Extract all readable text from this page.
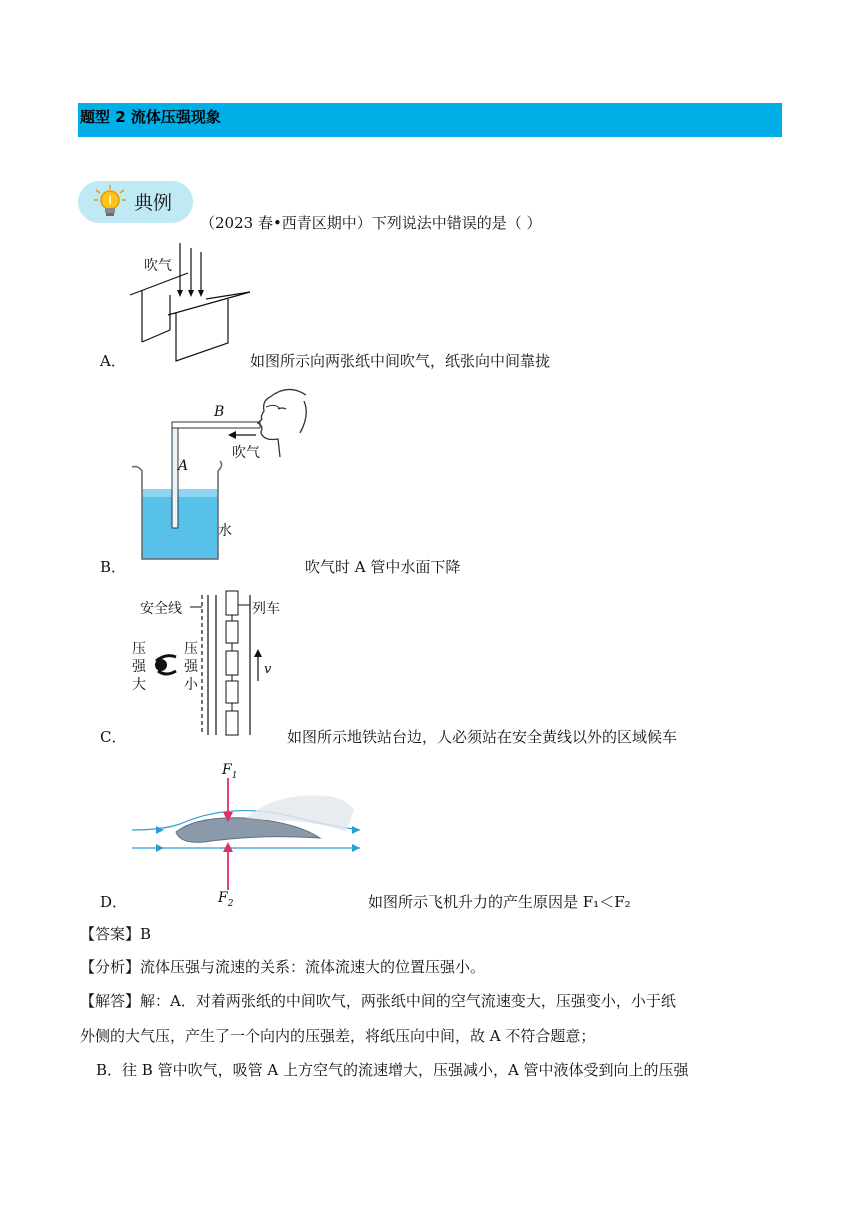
题型 2 流体压强现象
典例
（2023 春•西青区期中）下列说法中错误的是（ ）
吹气
A．	如图所示向两张纸中间吹气，纸张向中间靠拢
B
A
吹气
水
B．	吹气时 A 管中水面下降
安全线	列车
压
强
大
压
强
小
v
C．	如图所示地铁站台边，人必须站在安全黄线以外的区域候车
$F_1$
$F_2$
D．	如图所示飞机升力的产生原因是 F₁＜F₂
【答案】B
【分析】流体压强与流速的关系：流体流速大的位置压强小。
【解答】解：A．对着两张纸的中间吹气，两张纸中间的空气流速变大，压强变小，小于纸
外侧的大气压，产生了一个向内的压强差，将纸压向中间，故 A 不符合题意；
B．往 B 管中吹气，吸管 A 上方空气的流速增大，压强减小，A 管中液体受到向上的压强
